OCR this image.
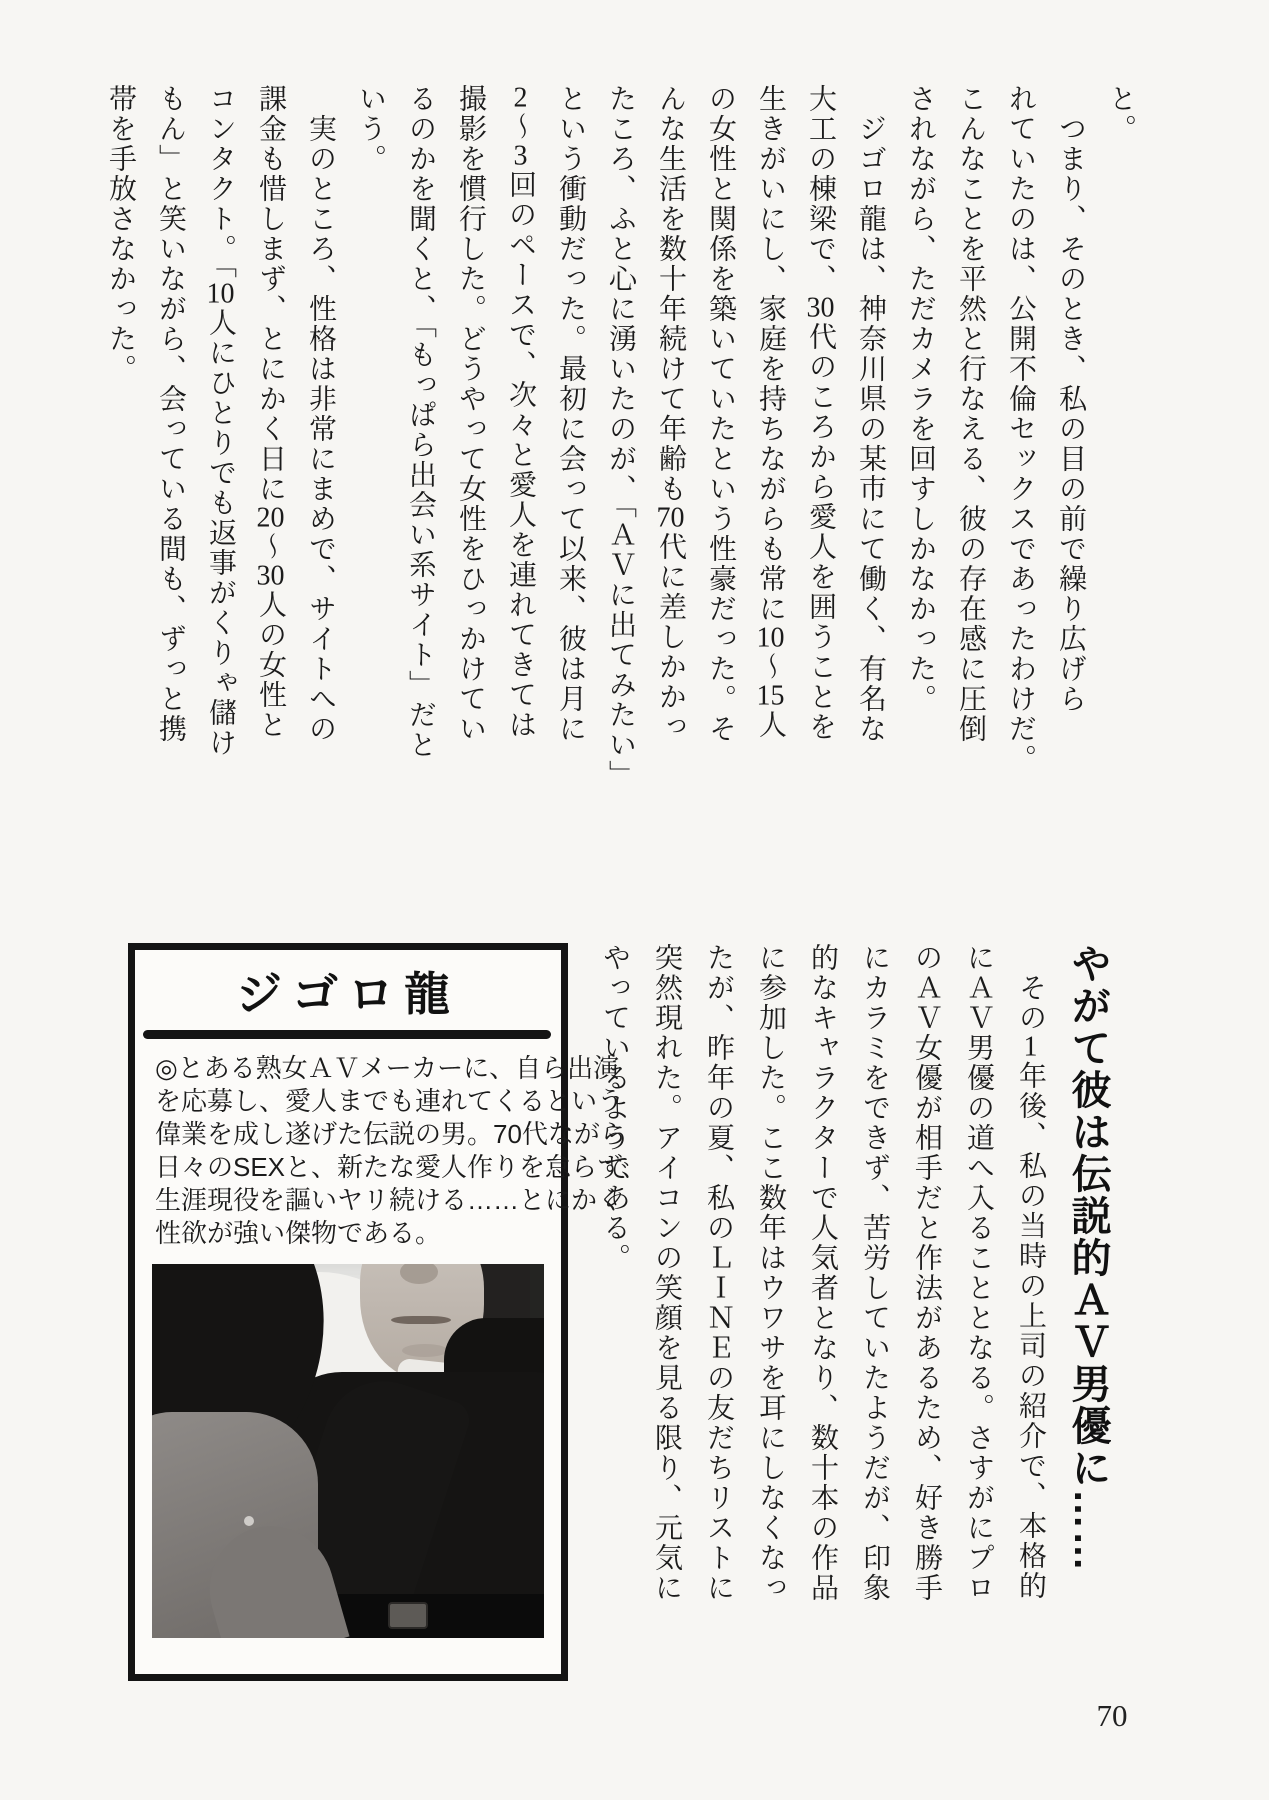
と。

つまり、そのとき、私の目の前で繰り広げら

れていたのは、公開不倫セックスであったわけだ。

こんなことを平然と行なえる、彼の存在感に圧倒

されながら、ただカメラを回すしかなかった。

ジゴロ龍は、神奈川県の某市にて働く、有名な

大工の棟梁で、30代のころから愛人を囲うことを

生きがいにし、家庭を持ちながらも常に10〜15人

の女性と関係を築いていたという性豪だった。そ

んな生活を数十年続けて年齢も70代に差しかかっ

たころ、ふと心に湧いたのが、「ＡＶに出てみたい」

という衝動だった。最初に会って以来、彼は月に

2〜3回のペースで、次々と愛人を連れてきては

撮影を慣行した。どうやって女性をひっかけてい

るのかを聞くと、「もっぱら出会い系サイト」だと

いう。

実のところ、性格は非常にまめで、サイトへの

課金も惜しまず、とにかく日に20〜30人の女性と

コンタクト。「10人にひとりでも返事がくりゃ儲け

もん」と笑いながら、会っている間も、ずっと携

帯を手放さなかった。

やがて彼は伝説的ＡＶ男優に……

その1年後、私の当時の上司の紹介で、本格的

にＡＶ男優の道へ入ることとなる。さすがにプロ

のＡＶ女優が相手だと作法があるため、好き勝手

にカラミをできず、苦労していたようだが、印象

的なキャラクターで人気者となり、数十本の作品

に参加した。ここ数年はウワサを耳にしなくなっ

たが、昨年の夏、私のＬＩＮＥの友だちリストに

突然現れた。アイコンの笑顔を見る限り、元気に

やっているようである。

ジゴロ龍
◎とある熟女ＡＶメーカーに、自ら出演
を応募し、愛人までも連れてくるという
偉業を成し遂げた伝説の男。70代ながら
日々のSEXと、新たな愛人作りを怠らず、
生涯現役を謳いヤリ続ける……とにかく
性欲が強い傑物である。
70
